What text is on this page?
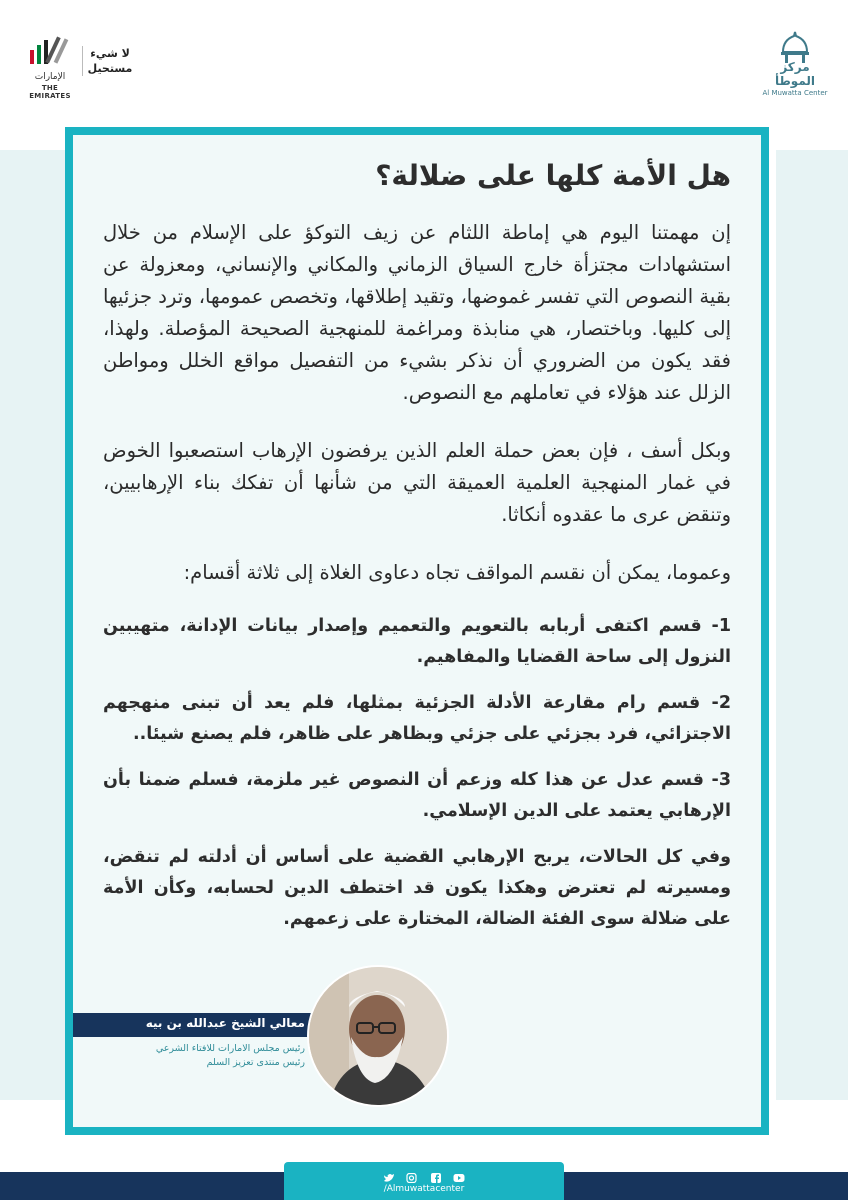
الإمارات
THE EMIRATES
لا شيء
مستحيل	مركز الموطأ
Al Muwatta Center
هل الأمة كلها على ضلالة؟

إن مهمتنا اليوم هي إماطة اللثام عن زيف التوكؤ على الإسلام من خلال استشهادات مجتزأة خارج السياق الزماني والمكاني والإنساني، ومعزولة عن بقية النصوص التي تفسر غموضها، وتقيد إطلاقها، وتخصص عمومها، وترد جزئيها إلى كليها. وباختصار، هي منابذة ومراغمة للمنهجية الصحيحة المؤصلة. ولهذا، فقد يكون من الضروري أن نذكر بشيء من التفصيل مواقع الخلل ومواطن الزلل عند هؤلاء في تعاملهم مع النصوص.

وبكل أسف ، فإن بعض حملة العلم الذين يرفضون الإرهاب استصعبوا الخوض في غمار المنهجية العلمية العميقة التي من شأنها أن تفكك بناء الإرهابيين، وتنقض عرى ما عقدوه أنكاثا.

وعموما، يمكن أن نقسم المواقف تجاه دعاوى الغلاة إلى ثلاثة أقسام:

1- قسم اكتفى أربابه بالتعويم والتعميم وإصدار بيانات الإدانة، متهيبين النزول إلى ساحة القضايا والمفاهيم.

2- قسم رام مقارعة الأدلة الجزئية بمثلها، فلم يعد أن تبنى منهجهم الاجتزائي، فرد بجزئي على جزئي وبظاهر على ظاهر، فلم يصنع شيئا..

3- قسم عدل عن هذا كله وزعم أن النصوص غير ملزمة، فسلم ضمنا بأن الإرهابي يعتمد على الدين الإسلامي.

وفي كل الحالات، يربح الإرهابي القضية على أساس أن أدلته لم تنقض، ومسيرته لم تعترض وهكذا يكون قد اختطف الدين لحسابه، وكأن الأمة على ضلالة سوى الفئة الضالة، المختارة على زعمهم.

معالي الشيخ عبدالله بن بيه
رئيس مجلس الامارات للافتاء الشرعي
رئيس منتدى تعزيز السلم

/Almuwattacenter
